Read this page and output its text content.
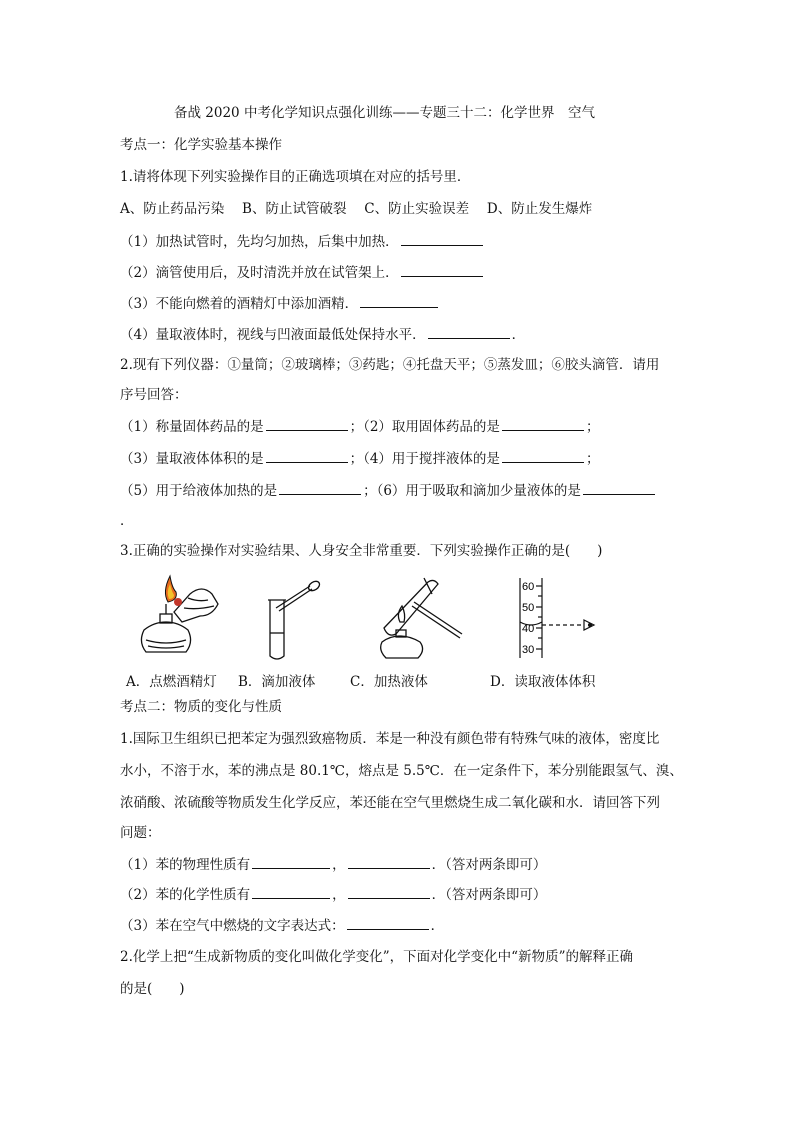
备战 2020 中考化学知识点强化训练——专题三十二：化学世界　空气
考点一：化学实验基本操作
1.请将体现下列实验操作目的正确选项填在对应的括号里．
A、防止药品污染　 B、防止试管破裂　 C、防止实验误差　 D、防止发生爆炸
（1）加热试管时，先均匀加热，后集中加热．
（2）滴管使用后，及时清洗并放在试管架上．
（3）不能向燃着的酒精灯中添加酒精．
（4）量取液体时，视线与凹液面最低处保持水平．	．
2.现有下列仪器：①量筒；②玻璃棒；③药匙；④托盘天平；⑤蒸发皿；⑥胶头滴管．请用
序号回答：
（1）称量固体药品的是	；（2）取用固体药品的是	；
（3）量取液体体积的是	；（4）用于搅拌液体的是	；
（5）用于给液体加热的是	；（6）用于吸取和滴加少量液体的是
．
3.正确的实验操作对实验结果、人身安全非常重要．下列实验操作正确的是(　　)
60
50
40
30
A．点燃酒精灯 B．滴加液体	C．加热液体	D．读取液体体积
考点二：物质的变化与性质
1.国际卫生组织已把苯定为强烈致癌物质．苯是一种没有颜色带有特殊气味的液体，密度比
水小，不溶于水，苯的沸点是 80.1℃，熔点是 5.5℃．在一定条件下，苯分别能跟氢气、溴、
浓硝酸、浓硫酸等物质发生化学反应，苯还能在空气里燃烧生成二氧化碳和水．请回答下列
问题：
（1）苯的物理性质有	，	．（答对两条即可）
（2）苯的化学性质有	，	．（答对两条即可）
（3）苯在空气中燃烧的文字表达式：	．
2.化学上把“生成新物质的变化叫做化学变化”，下面对化学变化中“新物质”的解释正确
的是(　　)
